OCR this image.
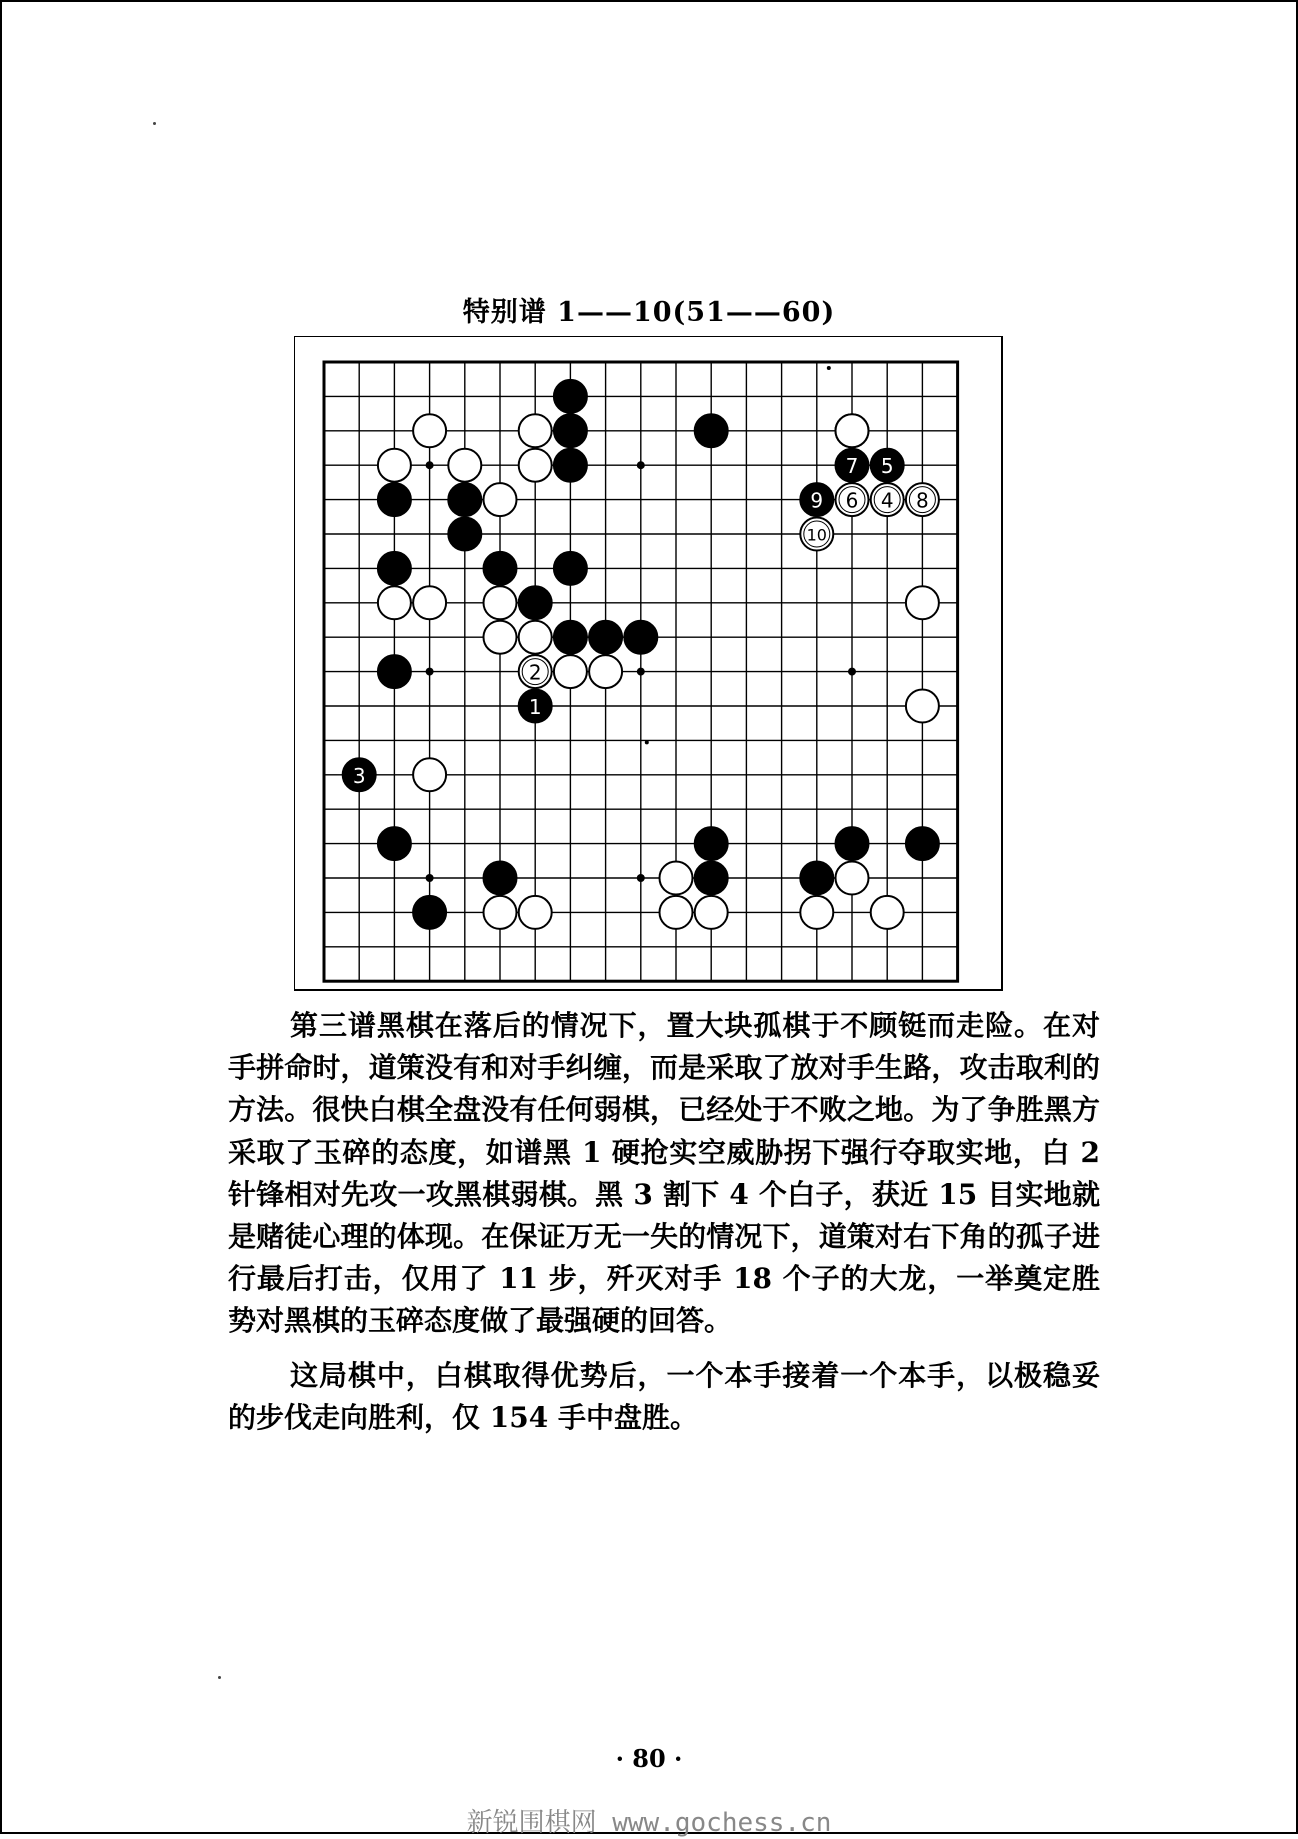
特别谱 1——10(51——60)
1
2
3
4
5
6
7
8
9
10

第三谱黑棋在落后的情况下，置大块孤棋于不顾铤而走险。在对手拼命时，道策没有和对手纠缠，而是采取了放对手生路，攻击取利的方法。很快白棋全盘没有任何弱棋，已经处于不败之地。为了争胜黑方采取了玉碎的态度，如谱黑 1 硬抢实空威胁拐下强行夺取实地，白 2 针锋相对先攻一攻黑棋弱棋。黑 3 割下 4 个白子，获近 15 目实地就是赌徒心理的体现。在保证万无一失的情况下，道策对右下角的孤子进行最后打击，仅用了 11 步，歼灭对手 18 个子的大龙，一举奠定胜势对黑棋的玉碎态度做了最强硬的回答。

这局棋中，白棋取得优势后，一个本手接着一个本手，以极稳妥的步伐走向胜利，仅 154 手中盘胜。

· 80 ·
新锐围棋网 www.gochess.cn
